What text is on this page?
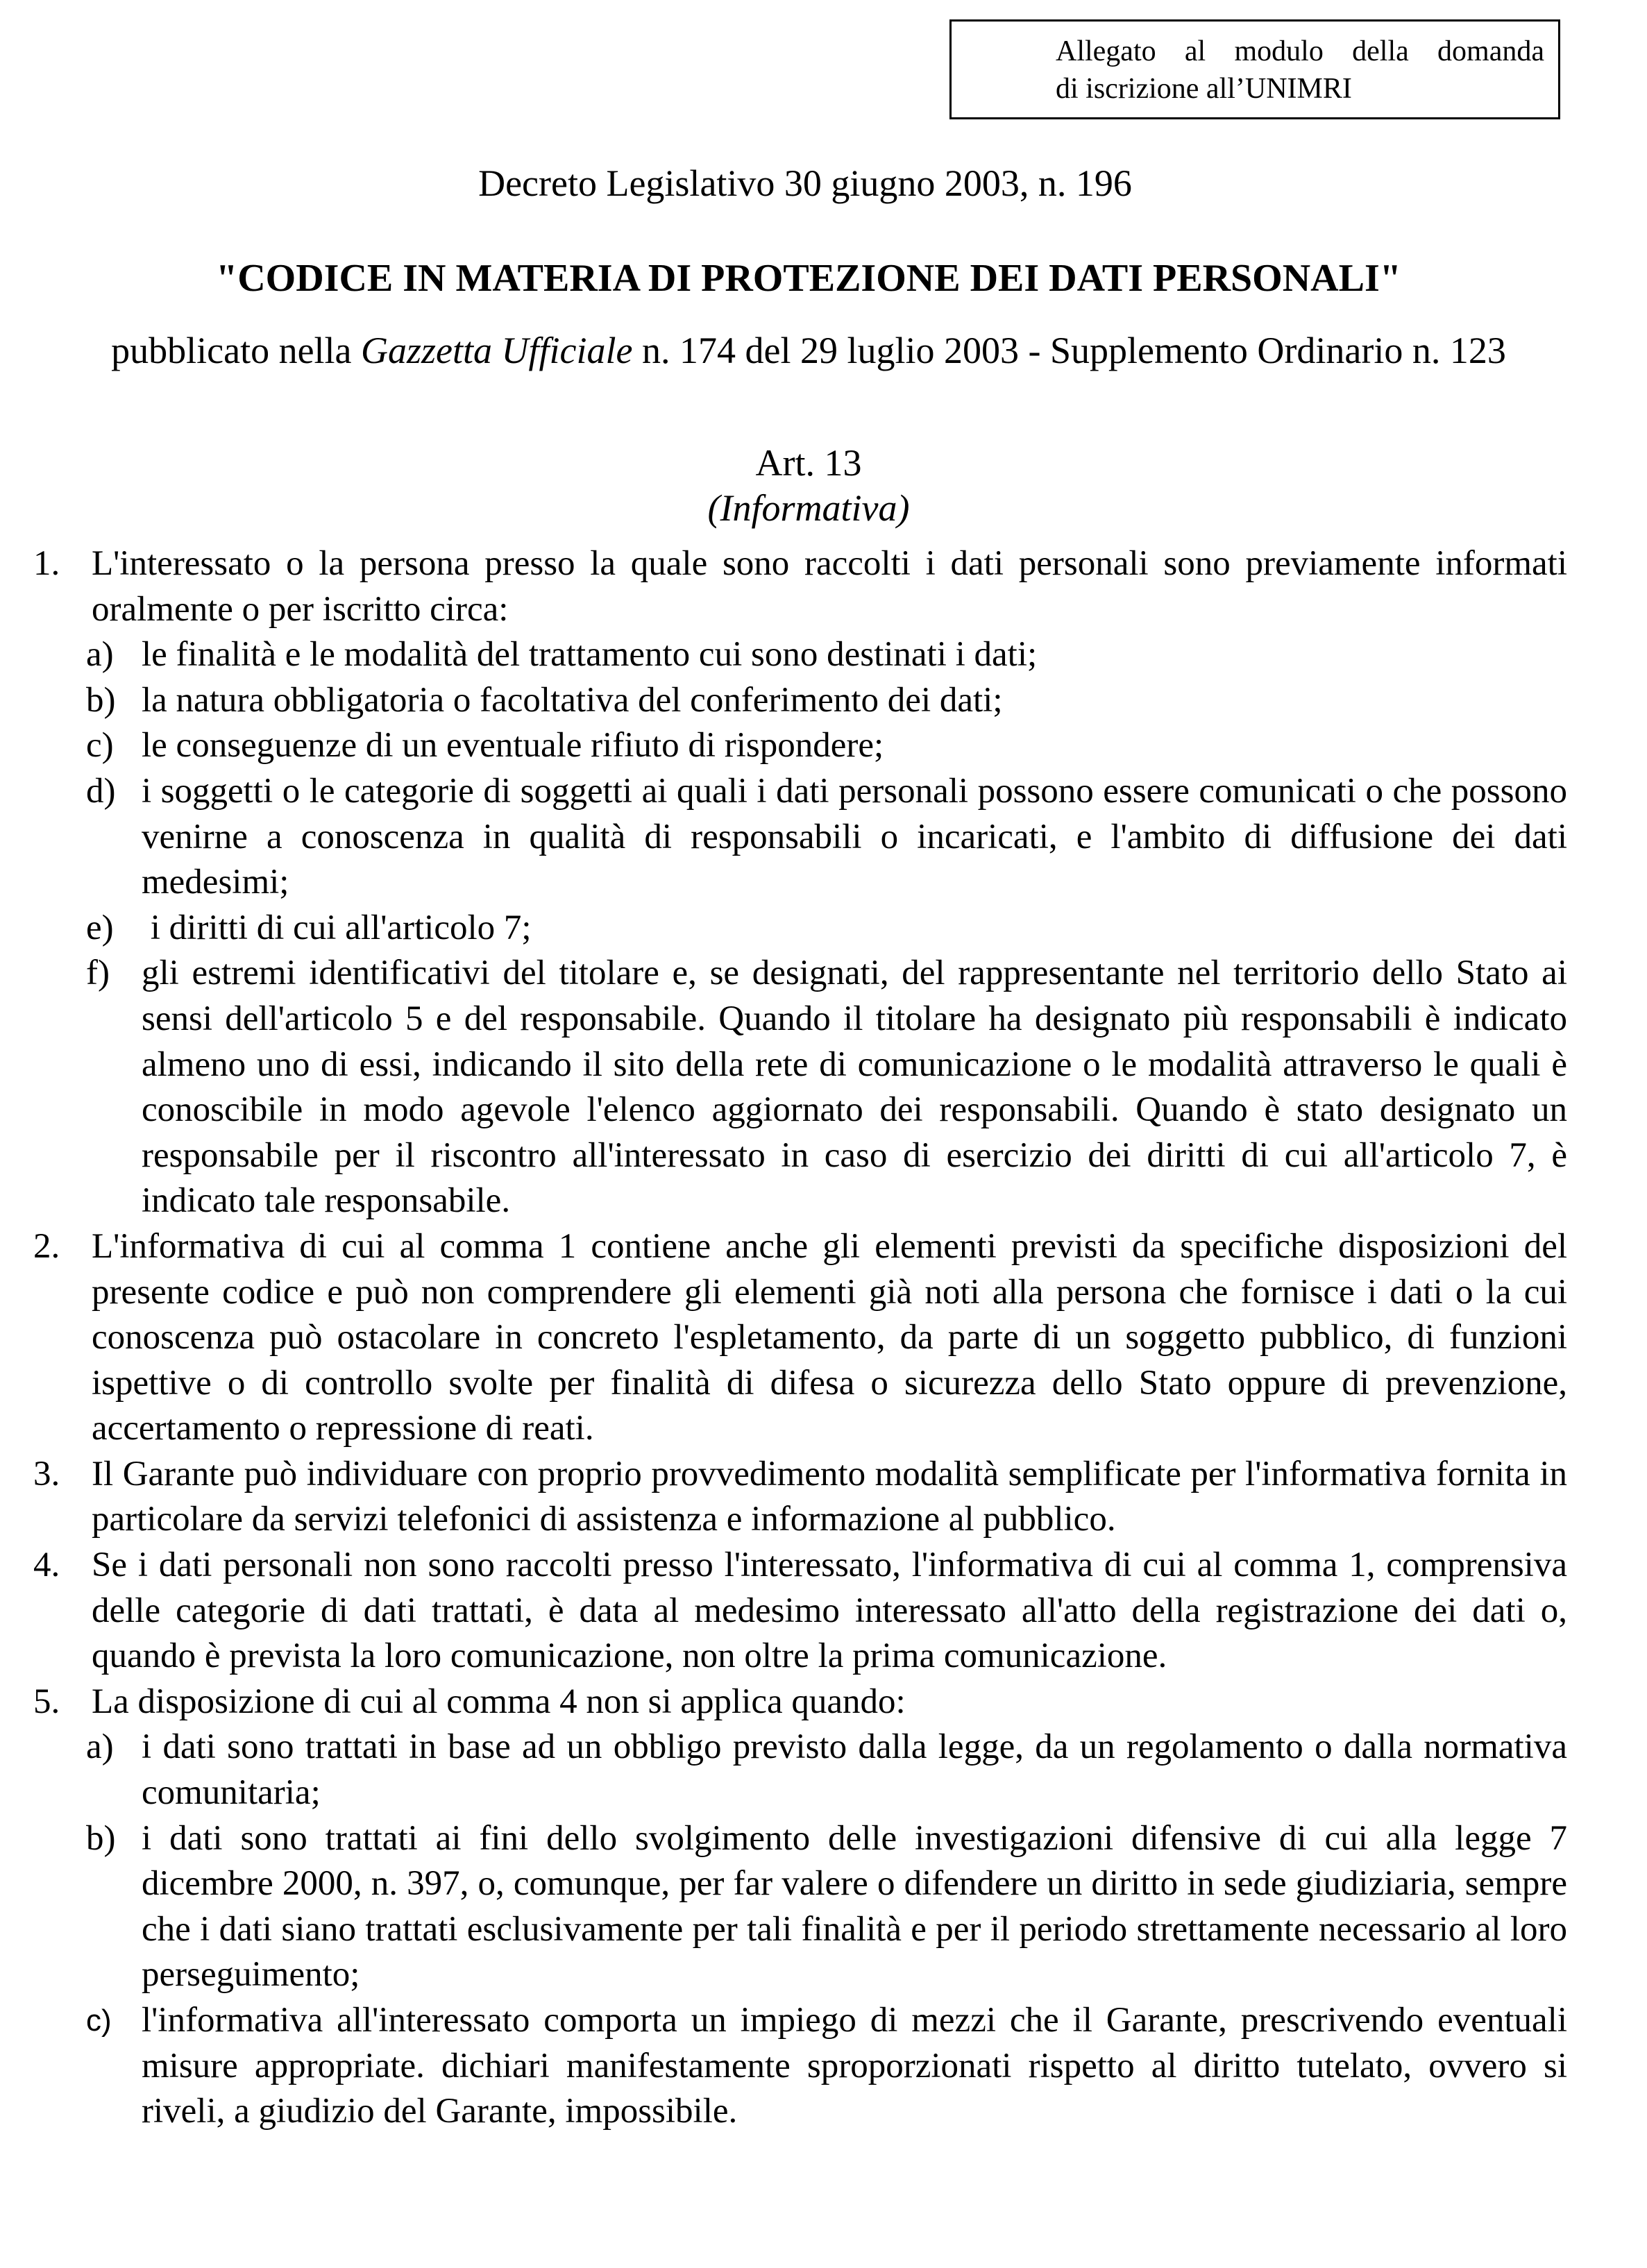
Allegato al modulo della domanda
di iscrizione all’UNIMRI
Decreto Legislativo 30 giugno 2003, n. 196
"CODICE IN MATERIA DI PROTEZIONE DEI DATI PERSONALI"
pubblicato nella Gazzetta Ufficiale n. 174 del 29 luglio 2003 - Supplemento Ordinario n. 123
Art. 13
(Informativa)
1. L'interessato o la persona presso la quale sono raccolti i dati personali sono previamente informati oralmente o per iscritto circa:
a) le finalità e le modalità del trattamento cui sono destinati i dati;
b) la natura obbligatoria o facoltativa del conferimento dei dati;
c) le conseguenze di un eventuale rifiuto di rispondere;
d) i soggetti o le categorie di soggetti ai quali i dati personali possono essere comunicati o che possono venirne a conoscenza in qualità di responsabili o incaricati, e l'ambito di diffusione dei dati medesimi;
e) i diritti di cui all'articolo 7;
f) gli estremi identificativi del titolare e, se designati, del rappresentante nel territorio dello Stato ai sensi dell'articolo 5 e del responsabile. Quando il titolare ha designato più responsabili è indicato almeno uno di essi, indicando il sito della rete di comunicazione o le modalità attraverso le quali è conoscibile in modo agevole l'elenco aggiornato dei responsabili. Quando è stato designato un responsabile per il riscontro all'interessato in caso di esercizio dei diritti di cui all'articolo 7, è indicato tale responsabile.
2. L'informativa di cui al comma 1 contiene anche gli elementi previsti da specifiche disposizioni del presente codice e può non comprendere gli elementi già noti alla persona che fornisce i dati o la cui conoscenza può ostacolare in concreto l'espletamento, da parte di un soggetto pubblico, di funzioni ispettive o di controllo svolte per finalità di difesa o sicurezza dello Stato oppure di prevenzione, accertamento o repressione di reati.
3. Il Garante può individuare con proprio provvedimento modalità semplificate per l'informativa fornita in particolare da servizi telefonici di assistenza e informazione al pubblico.
4. Se i dati personali non sono raccolti presso l'interessato, l'informativa di cui al comma 1, comprensiva delle categorie di dati trattati, è data al medesimo interessato all'atto della registrazione dei dati o, quando è prevista la loro comunicazione, non oltre la prima comunicazione.
5. La disposizione di cui al comma 4 non si applica quando:
a) i dati sono trattati in base ad un obbligo previsto dalla legge, da un regolamento o dalla normativa comunitaria;
b) i dati sono trattati ai fini dello svolgimento delle investigazioni difensive di cui alla legge 7 dicembre 2000, n. 397, o, comunque, per far valere o difendere un diritto in sede giudiziaria, sempre che i dati siano trattati esclusivamente per tali finalità e per il periodo strettamente necessario al loro perseguimento;
c) l'informativa all'interessato comporta un impiego di mezzi che il Garante, prescrivendo eventuali misure appropriate. dichiari manifestamente sproporzionati rispetto al diritto tutelato, ovvero si riveli, a giudizio del Garante, impossibile.
